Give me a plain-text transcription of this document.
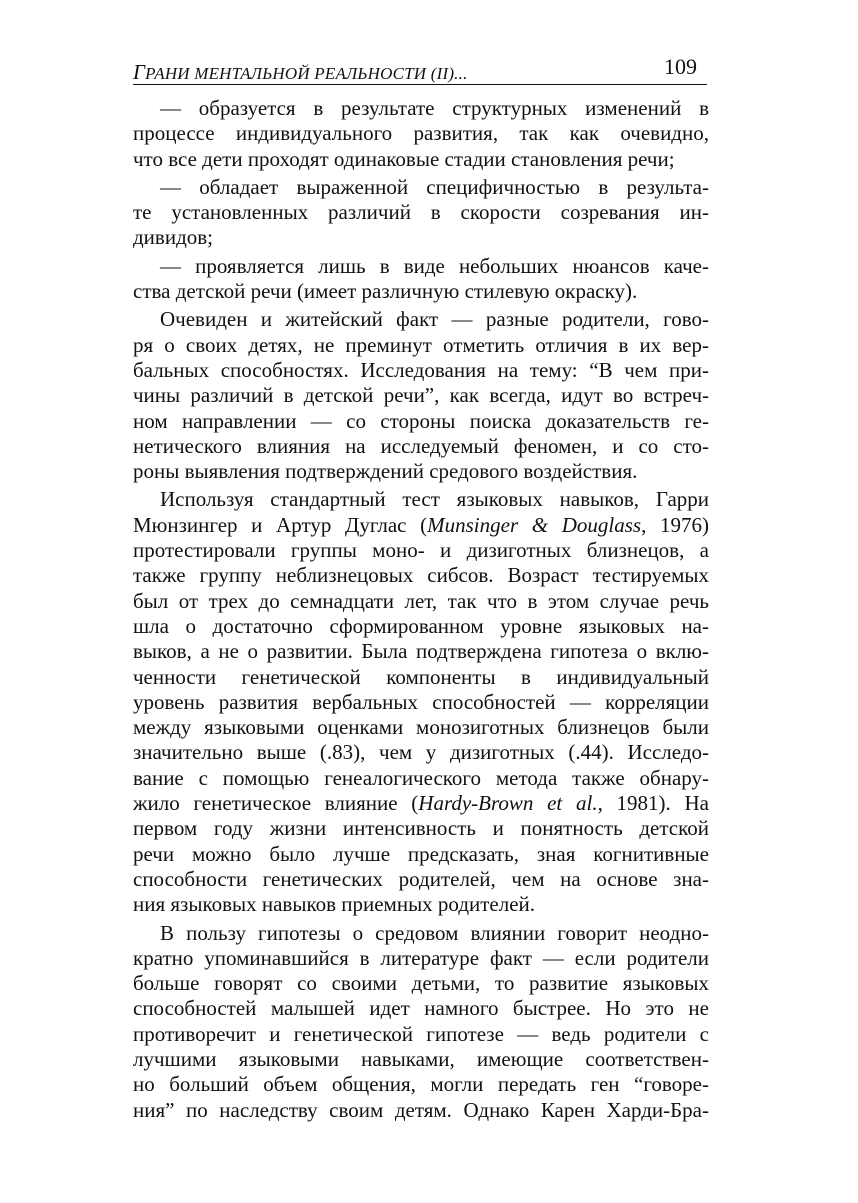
ГРАНИ МЕНТАЛЬНОЙ РЕАЛЬНОСТИ (II)...	109
— образуется в результате структурных изменений в
процессе индивидуального развития, так как очевидно,
что все дети проходят одинаковые стадии становления речи;
— обладает выраженной специфичностью в результа-
те установленных различий в скорости созревания ин-
дивидов;
— проявляется лишь в виде небольших нюансов каче-
ства детской речи (имеет различную стилевую окраску).
Очевиден и житейский факт — разные родители, гово-
ря о своих детях, не преминут отметить отличия в их вер-
бальных способностях. Исследования на тему: “В чем при-
чины различий в детской речи”, как всегда, идут во встреч-
ном направлении — со стороны поиска доказательств ге-
нетического влияния на исследуемый феномен, и со сто-
роны выявления подтверждений средового воздействия.
Используя стандартный тест языковых навыков, Гарри
Мюнзингер и Артур Дуглас (Munsinger & Douglass, 1976)
протестировали группы моно- и дизиготных близнецов, а
также группу неблизнецовых сибсов. Возраст тестируемых
был от трех до семнадцати лет, так что в этом случае речь
шла о достаточно сформированном уровне языковых на-
выков, а не о развитии. Была подтверждена гипотеза о вклю-
ченности генетической компоненты в индивидуальный
уровень развития вербальных способностей — корреляции
между языковыми оценками монозиготных близнецов были
значительно выше (.83), чем у дизиготных (.44). Исследо-
вание с помощью генеалогического метода также обнару-
жило генетическое влияние (Hardy-Brown et al., 1981). На
первом году жизни интенсивность и понятность детской
речи можно было лучше предсказать, зная когнитивные
способности генетических родителей, чем на основе зна-
ния языковых навыков приемных родителей.
В пользу гипотезы о средовом влиянии говорит неодно-
кратно упоминавшийся в литературе факт — если родители
больше говорят со своими детьми, то развитие языковых
способностей малышей идет намного быстрее. Но это не
противоречит и генетической гипотезе — ведь родители с
лучшими языковыми навыками, имеющие соответствен-
но больший объем общения, могли передать ген “говоре-
ния” по наследству своим детям. Однако Карен Харди-Бра-
